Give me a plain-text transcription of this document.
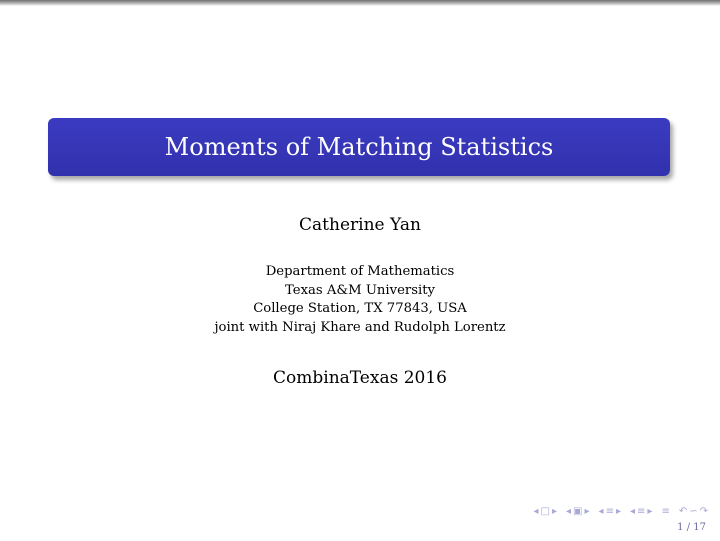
Moments of Matching Statistics
Catherine Yan
Department of Mathematics
Texas A&M University
College Station, TX 77843, USA
joint with Niraj Khare and Rudolph Lorentz
CombinaTexas 2016
◂ □ ▸ ◂ ▣ ▸ ◂ ≡ ▸ ◂ ≡ ▸ ≡ ↶ ∽ ↷
1 / 17
